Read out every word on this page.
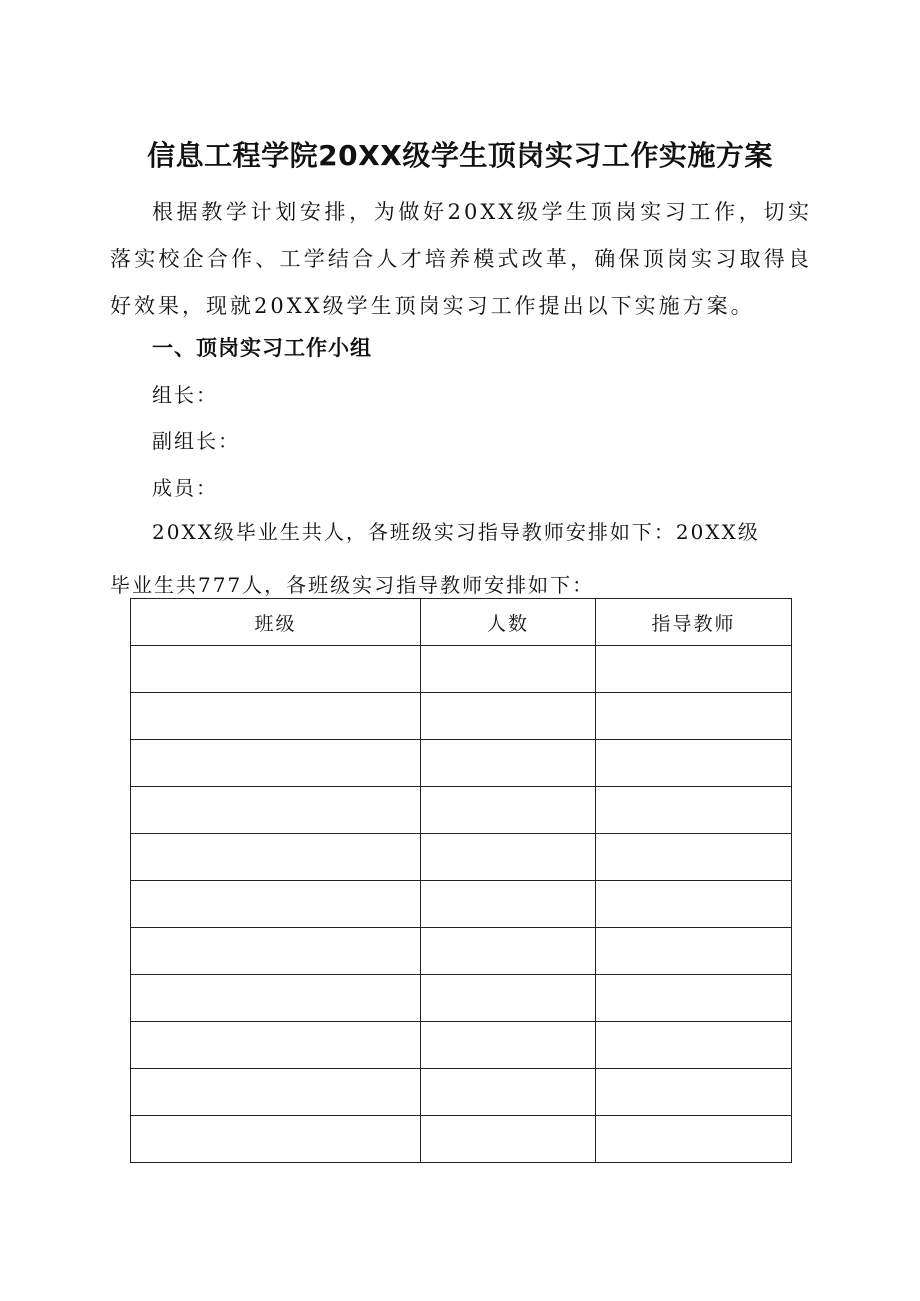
信息工程学院20XX级学生顶岗实习工作实施方案

根据教学计划安排，为做好20XX级学生顶岗实习工作，切实落实校企合作、工学结合人才培养模式改革，确保顶岗实习取得良好效果，现就20XX级学生顶岗实习工作提出以下实施方案。

一、顶岗实习工作小组

组长：

副组长：

成员：

20XX级毕业生共人，各班级实习指导教师安排如下：20XX级

毕业生共777人，各班级实习指导教师安排如下：

班级	人数	指导教师
